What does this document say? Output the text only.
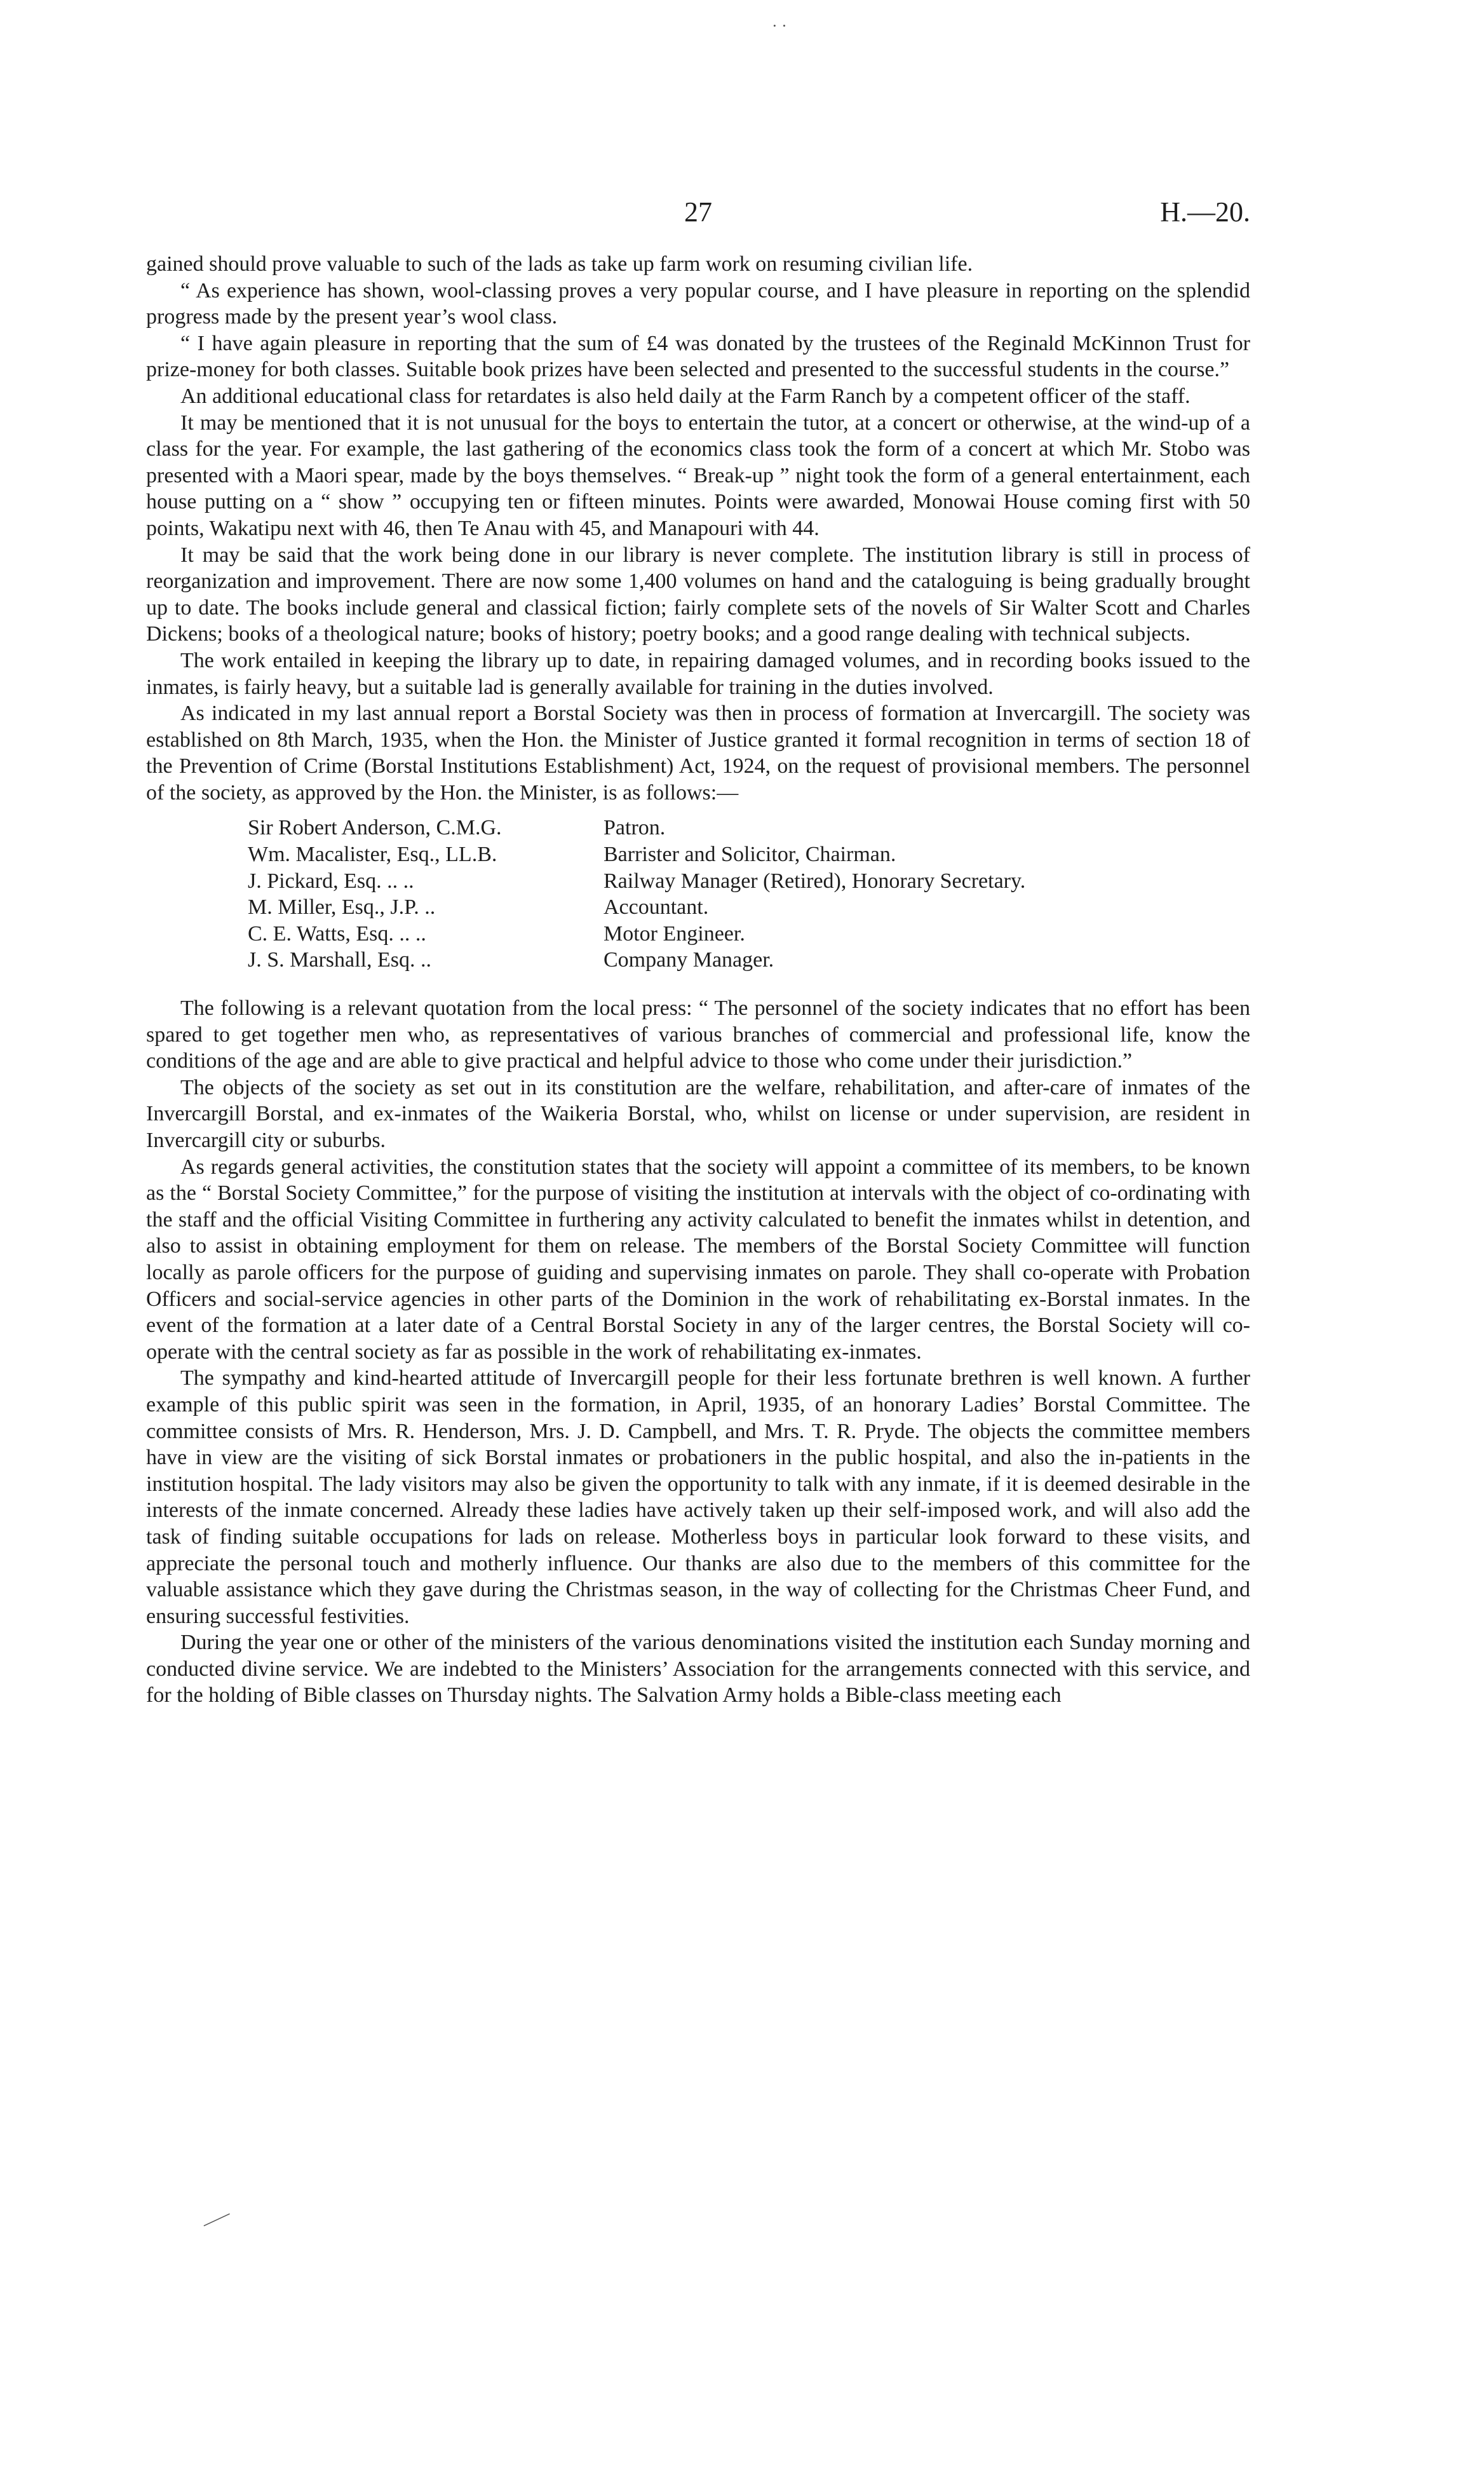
· ·
27	H.—20.

gained should prove valuable to such of the lads as take up farm work on resuming civilian life.

“ As experience has shown, wool-classing proves a very popular course, and I have pleasure in reporting on the splendid progress made by the present year’s wool class.

“ I have again pleasure in reporting that the sum of £4 was donated by the trustees of the Reginald McKinnon Trust for prize-money for both classes. Suitable book prizes have been selected and presented to the successful students in the course.”

An additional educational class for retardates is also held daily at the Farm Ranch by a competent officer of the staff.

It may be mentioned that it is not unusual for the boys to entertain the tutor, at a concert or otherwise, at the wind-up of a class for the year. For example, the last gathering of the economics class took the form of a concert at which Mr. Stobo was presented with a Maori spear, made by the boys themselves. “ Break-up ” night took the form of a general entertainment, each house putting on a “ show ” occupying ten or fifteen minutes. Points were awarded, Monowai House coming first with 50 points, Wakatipu next with 46, then Te Anau with 45, and Manapouri with 44.

It may be said that the work being done in our library is never complete. The institution library is still in process of reorganization and improvement. There are now some 1,400 volumes on hand and the cataloguing is being gradually brought up to date. The books include general and classical fiction; fairly complete sets of the novels of Sir Walter Scott and Charles Dickens; books of a theological nature; books of history; poetry books; and a good range dealing with technical subjects.

The work entailed in keeping the library up to date, in repairing damaged volumes, and in recording books issued to the inmates, is fairly heavy, but a suitable lad is generally available for training in the duties involved.

As indicated in my last annual report a Borstal Society was then in process of formation at Invercargill. The society was established on 8th March, 1935, when the Hon. the Minister of Justice granted it formal recognition in terms of section 18 of the Prevention of Crime (Borstal Institutions Establishment) Act, 1924, on the request of provisional members. The personnel of the society, as approved by the Hon. the Minister, is as follows:—

Sir Robert Anderson, C.M.G.	Patron.
Wm. Macalister, Esq., LL.B.	Barrister and Solicitor, Chairman.
J. Pickard, Esq. .. ..	Railway Manager (Retired), Honorary Secretary.
M. Miller, Esq., J.P. ..	Accountant.
C. E. Watts, Esq. .. ..	Motor Engineer.
J. S. Marshall, Esq. ..	Company Manager.

The following is a relevant quotation from the local press: “ The personnel of the society indicates that no effort has been spared to get together men who, as representatives of various branches of commercial and professional life, know the conditions of the age and are able to give practical and helpful advice to those who come under their jurisdiction.”

The objects of the society as set out in its constitution are the welfare, rehabilitation, and after-care of inmates of the Invercargill Borstal, and ex-inmates of the Waikeria Borstal, who, whilst on license or under supervision, are resident in Invercargill city or suburbs.

As regards general activities, the constitution states that the society will appoint a committee of its members, to be known as the “ Borstal Society Committee,” for the purpose of visiting the institution at intervals with the object of co-ordinating with the staff and the official Visiting Committee in furthering any activity calculated to benefit the inmates whilst in detention, and also to assist in obtaining employment for them on release. The members of the Borstal Society Committee will function locally as parole officers for the purpose of guiding and supervising inmates on parole. They shall co-operate with Probation Officers and social-service agencies in other parts of the Dominion in the work of rehabilitating ex-Borstal inmates. In the event of the formation at a later date of a Central Borstal Society in any of the larger centres, the Borstal Society will co-operate with the central society as far as possible in the work of rehabilitating ex-inmates.

The sympathy and kind-hearted attitude of Invercargill people for their less fortunate brethren is well known. A further example of this public spirit was seen in the formation, in April, 1935, of an honorary Ladies’ Borstal Committee. The committee consists of Mrs. R. Henderson, Mrs. J. D. Campbell, and Mrs. T. R. Pryde. The objects the committee members have in view are the visiting of sick Borstal inmates or probationers in the public hospital, and also the in-patients in the institution hospital. The lady visitors may also be given the opportunity to talk with any inmate, if it is deemed desirable in the interests of the inmate concerned. Already these ladies have actively taken up their self-imposed work, and will also add the task of finding suitable occupations for lads on release. Motherless boys in particular look forward to these visits, and appreciate the personal touch and motherly influence. Our thanks are also due to the members of this committee for the valuable assistance which they gave during the Christmas season, in the way of collecting for the Christmas Cheer Fund, and ensuring successful festivities.

During the year one or other of the ministers of the various denominations visited the institution each Sunday morning and conducted divine service. We are indebted to the Ministers’ Association for the arrangements connected with this service, and for the holding of Bible classes on Thursday nights. The Salvation Army holds a Bible-class meeting each

⸺
